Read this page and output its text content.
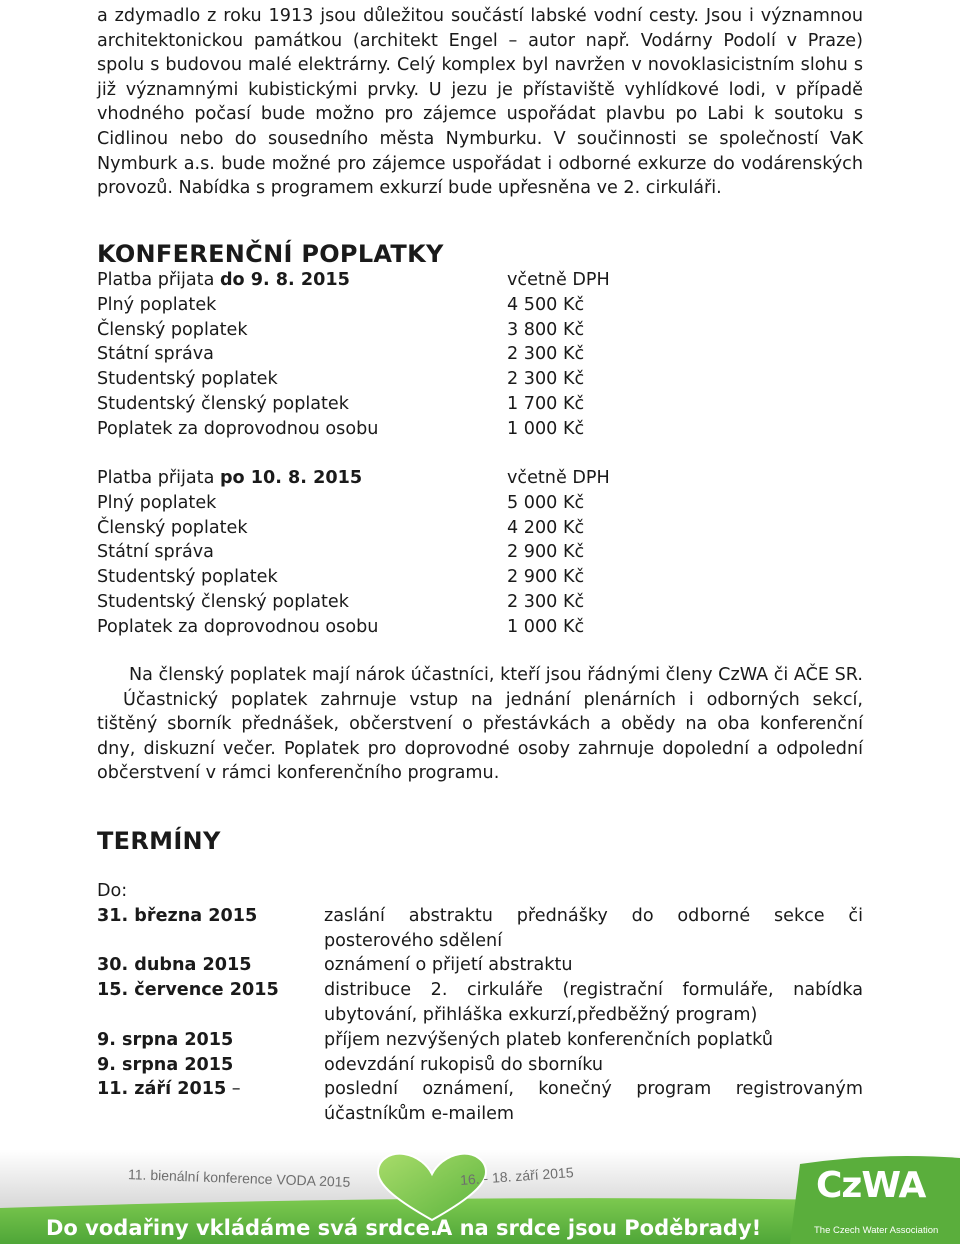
a zdymadlo z roku 1913 jsou důležitou součástí labské vodní cesty. Jsou i významnou architektonickou památkou (architekt Engel – autor např. Vodárny Podolí v Praze) spolu s budovou malé elektrárny. Celý komplex byl navržen v novoklasicistním slohu s již významnými kubistickými prvky. U jezu je přístaviště vyhlídkové lodi, v případě vhodného počasí bude možno pro zájemce uspořádat plavbu po Labi k soutoku s Cidlinou nebo do sousedního města Nymburku. V součinnosti se společností VaK Nymburk a.s. bude možné pro zájemce uspořádat i odborné exkurze do vodárenských provozů. Nabídka s programem exkurzí bude upřesněna ve 2. cirkuláři.

KONFERENČNÍ POPLATKY
Platba přijata do 9. 8. 2015	včetně DPH
Plný poplatek	4 500 Kč
Členský poplatek	3 800 Kč
Státní správa	2 300 Kč
Studentský poplatek	2 300 Kč
Studentský členský poplatek	1 700 Kč
Poplatek za doprovodnou osobu	1 000 Kč
Platba přijata po 10. 8. 2015	včetně DPH
Plný poplatek	5 000 Kč
Členský poplatek	4 200 Kč
Státní správa	2 900 Kč
Studentský poplatek	2 900 Kč
Studentský členský poplatek	2 300 Kč
Poplatek za doprovodnou osobu	1 000 Kč
Na členský poplatek mají nárok účastníci, kteří jsou řádnými členy CzWA či AČE SR.
Účastnický poplatek zahrnuje vstup na jednání plenárních i odborných sekcí, tištěný sborník přednášek, občerstvení o přestávkách a obědy na oba konferenční dny, diskuzní večer. Poplatek pro doprovodné osoby zahrnuje dopolední a odpolední občerstvení v rámci konferenčního programu.
TERMÍNY
Do:
31. března 2015	zaslání abstraktu přednášky do odborné sekce či posterového sdělení
30. dubna 2015	oznámení o přijetí abstraktu
15. července 2015	distribuce 2. cirkuláře (registrační formuláře, nabídka ubytování, přihláška exkurzí,předběžný program)
9. srpna 2015	příjem nezvýšených plateb konferenčních poplatků
9. srpna 2015	odevzdání rukopisů do sborníku
11. září 2015 –	poslední oznámení, konečný program registrovaným účastníkům e-mailem
11. bienální konference VODA 2015	16. - 18. září 2015
Do vodařiny vkládáme svá srdce.
A na srdce jsou Poděbrady!
CzWA
The Czech Water Association
